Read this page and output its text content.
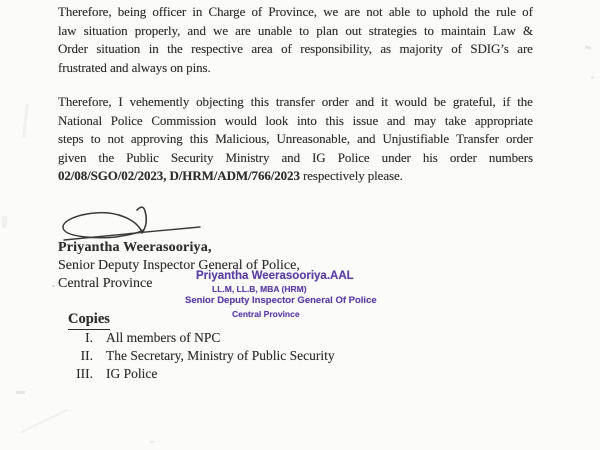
Therefore, being officer in Charge of Province, we are not able to uphold the rule of
law situation properly, and we are unable to plan out strategies to maintain Law &
Order situation in the respective area of responsibility, as majority of SDIG’s are
frustrated and always on pins.
Therefore, I vehemently objecting this transfer order and it would be grateful, if the
National Police Commission would look into this issue and may take appropriate
steps to not approving this Malicious, Unreasonable, and Unjustifiable Transfer order
given the Public Security Ministry and IG Police under his order numbers
02/08/SGO/02/2023, D/HRM/ADM/766/2023 respectively please.
Priyantha Weerasooriya,
Senior Deputy Inspector General of Police,
Central Province	Priyantha Weerasooriya.AAL
LL.M, LL.B, MBA (HRM)
Senior Deputy Inspector General Of Police
Central Province
Copies
I. All members of NPC
II. The Secretary, Ministry of Public Security
III. IG Police
